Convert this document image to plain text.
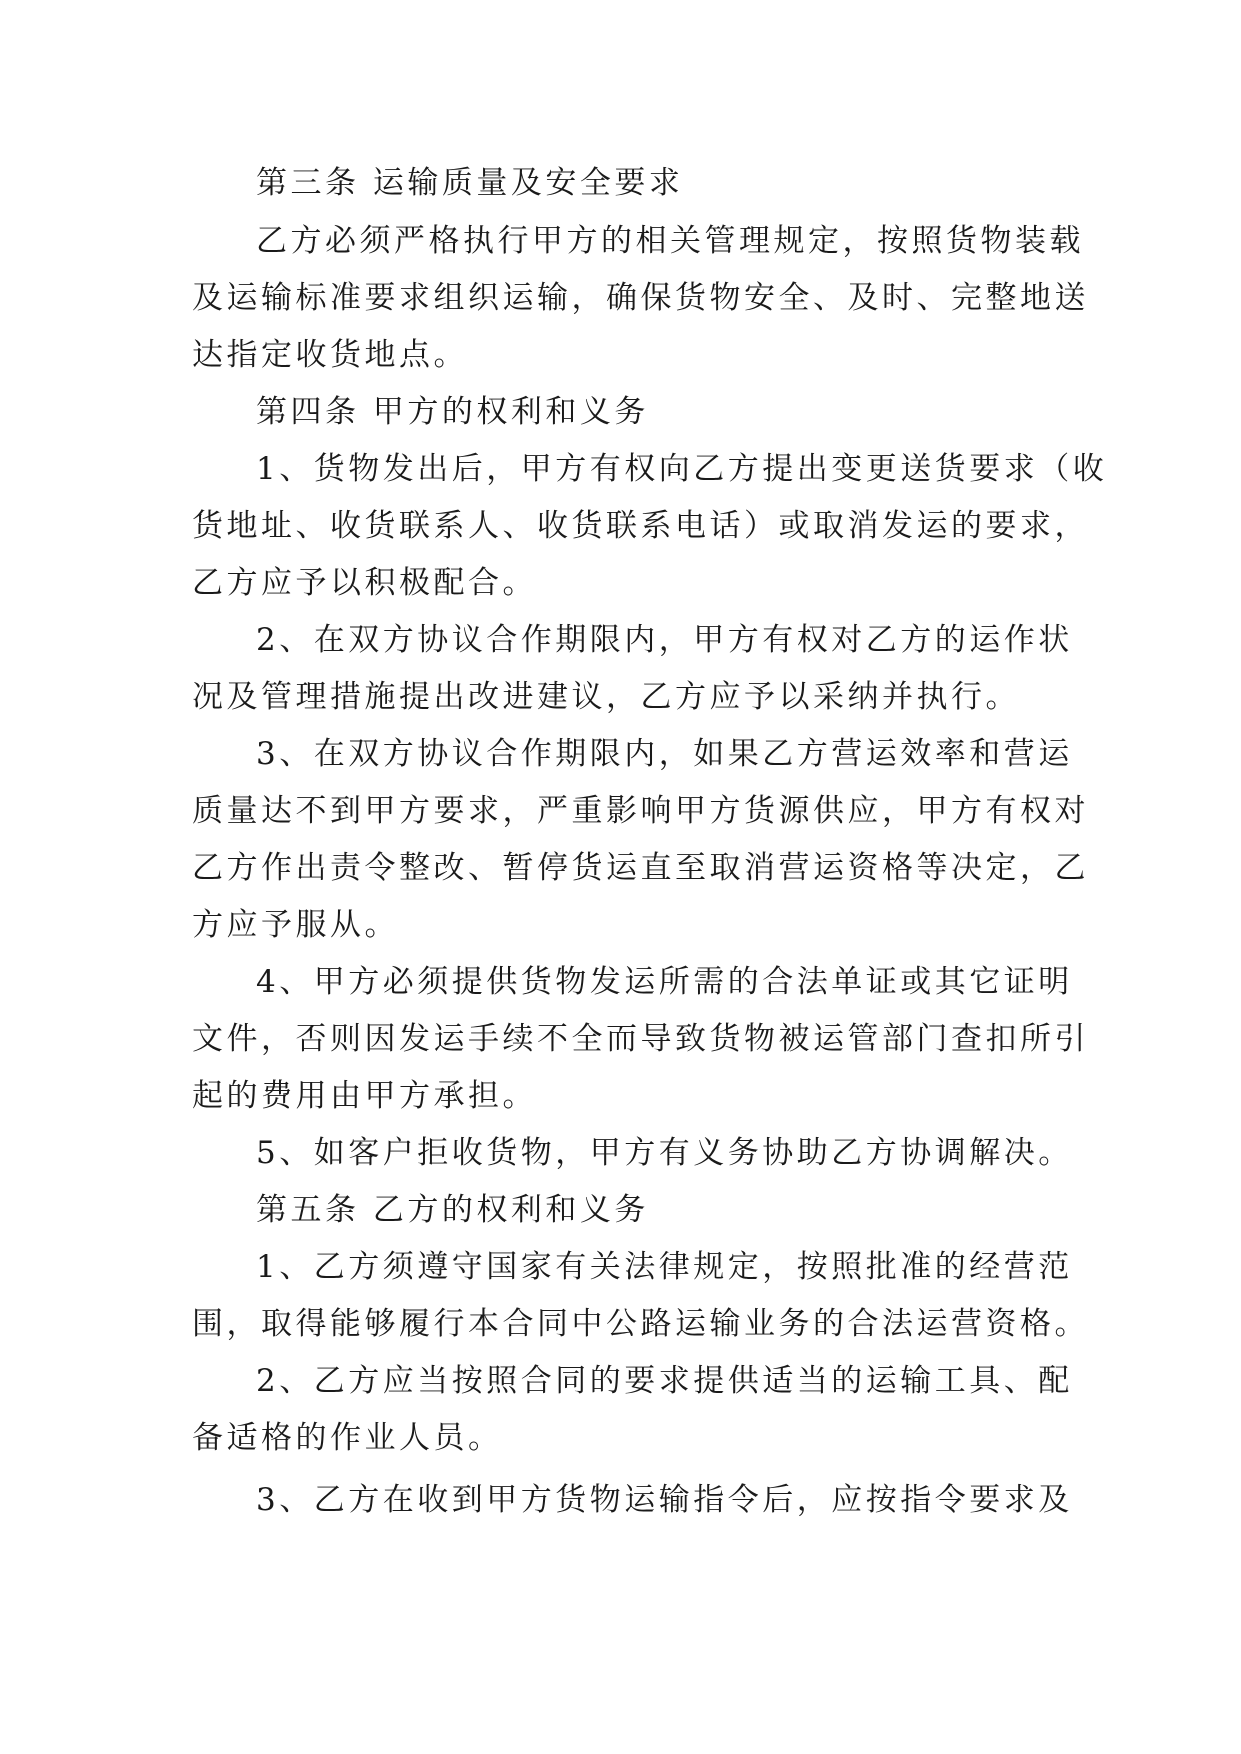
第三条 运输质量及安全要求
乙方必须严格执行甲方的相关管理规定，按照货物装载
及运输标准要求组织运输，确保货物安全、及时、完整地送
达指定收货地点。
第四条 甲方的权利和义务
1、货物发出后，甲方有权向乙方提出变更送货要求（收
货地址、收货联系人、收货联系电话）或取消发运的要求，
乙方应予以积极配合。
2、在双方协议合作期限内，甲方有权对乙方的运作状
况及管理措施提出改进建议，乙方应予以采纳并执行。
3、在双方协议合作期限内，如果乙方营运效率和营运
质量达不到甲方要求，严重影响甲方货源供应，甲方有权对
乙方作出责令整改、暂停货运直至取消营运资格等决定，乙
方应予服从。
4、甲方必须提供货物发运所需的合法单证或其它证明
文件，否则因发运手续不全而导致货物被运管部门查扣所引
起的费用由甲方承担。
5、如客户拒收货物，甲方有义务协助乙方协调解决。
第五条 乙方的权利和义务
1、乙方须遵守国家有关法律规定，按照批准的经营范
围，取得能够履行本合同中公路运输业务的合法运营资格。
2、乙方应当按照合同的要求提供适当的运输工具、配
备适格的作业人员。
3、乙方在收到甲方货物运输指令后，应按指令要求及
